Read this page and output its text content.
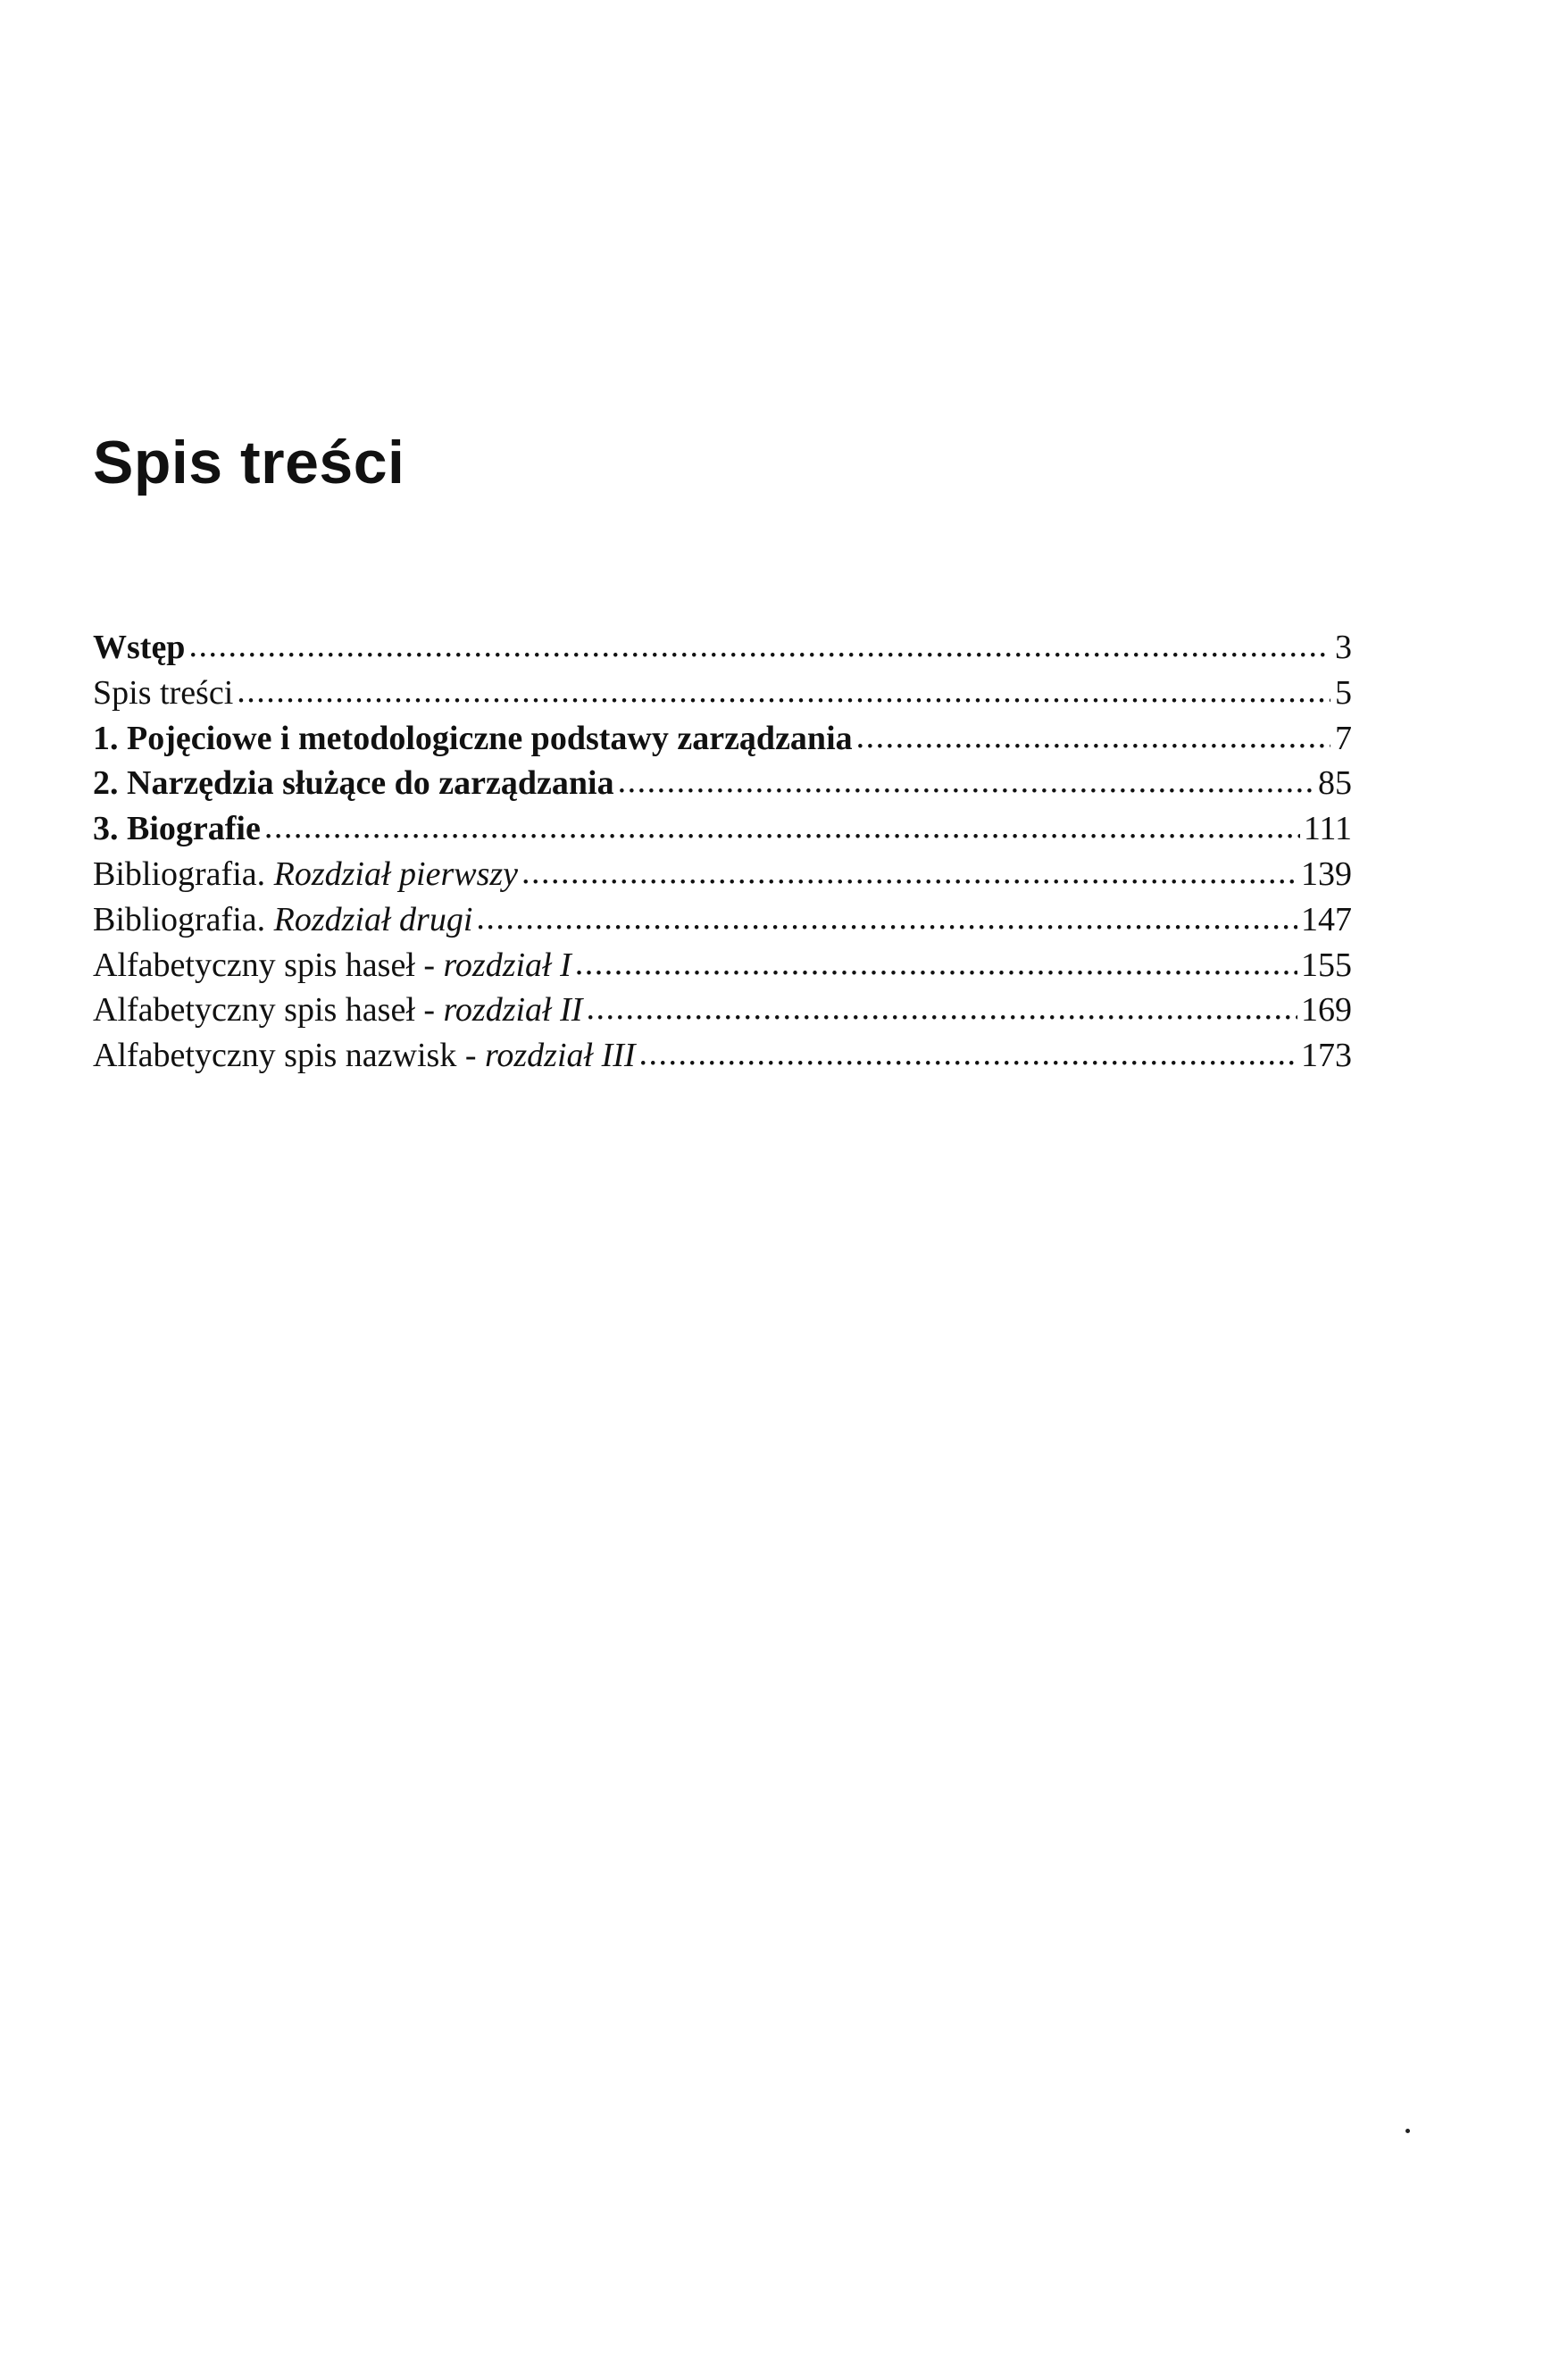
Spis treści
Wstęp .....	3
Spis treści .....	5
1. Pojęciowe i metodologiczne podstawy zarządzania .....	7
2. Narzędzia służące do zarządzania .....	85
3. Biografie .....	111
Bibliografia. Rozdział pierwszy .....	139
Bibliografia. Rozdział drugi .....	147
Alfabetyczny spis haseł - rozdział I .....	155
Alfabetyczny spis haseł - rozdział II .....	169
Alfabetyczny spis nazwisk - rozdział III .....	173
